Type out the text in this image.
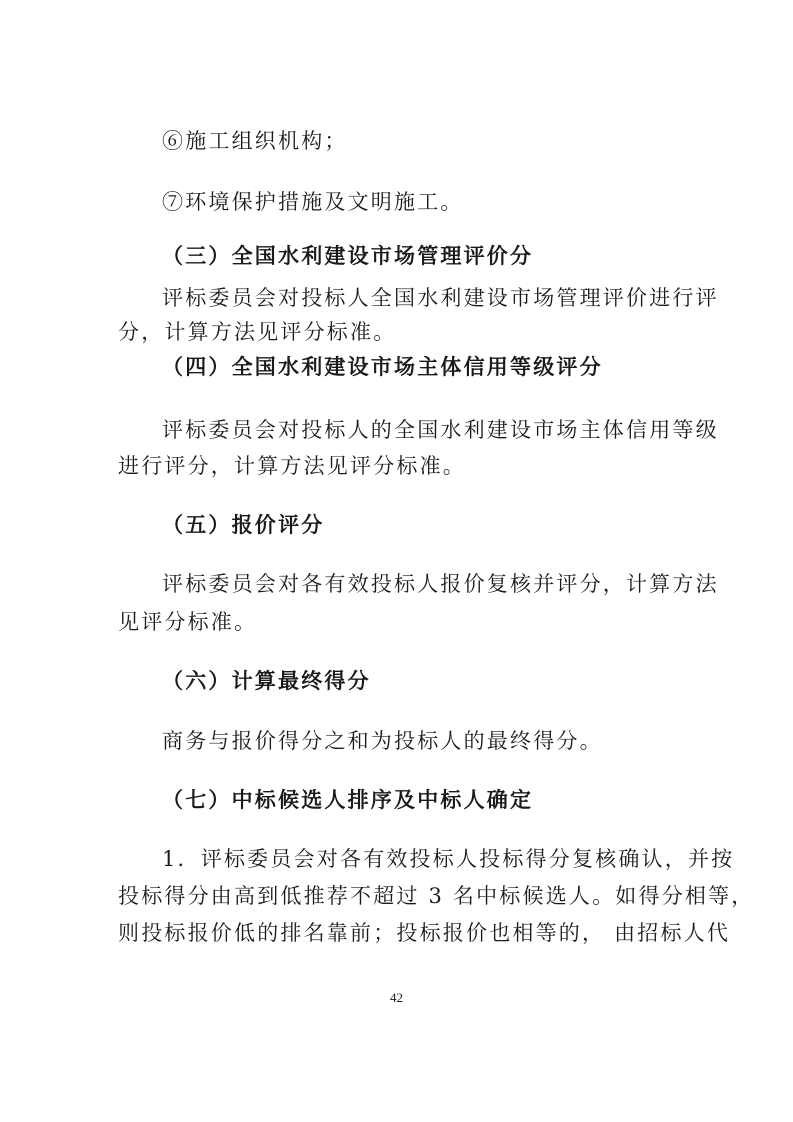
⑥施工组织机构；
⑦环境保护措施及文明施工。
（三）全国水利建设市场管理评价分
评标委员会对投标人全国水利建设市场管理评价进行评
分，计算方法见评分标准。
（四）全国水利建设市场主体信用等级评分
评标委员会对投标人的全国水利建设市场主体信用等级
进行评分，计算方法见评分标准。
（五）报价评分
评标委员会对各有效投标人报价复核并评分，计算方法
见评分标准。
（六）计算最终得分
商务与报价得分之和为投标人的最终得分。
（七）中标候选人排序及中标人确定
1．评标委员会对各有效投标人投标得分复核确认，并按
投标得分由高到低推荐不超过 3 名中标候选人。如得分相等，
则投标报价低的排名靠前；投标报价也相等的， 由招标人代
42
